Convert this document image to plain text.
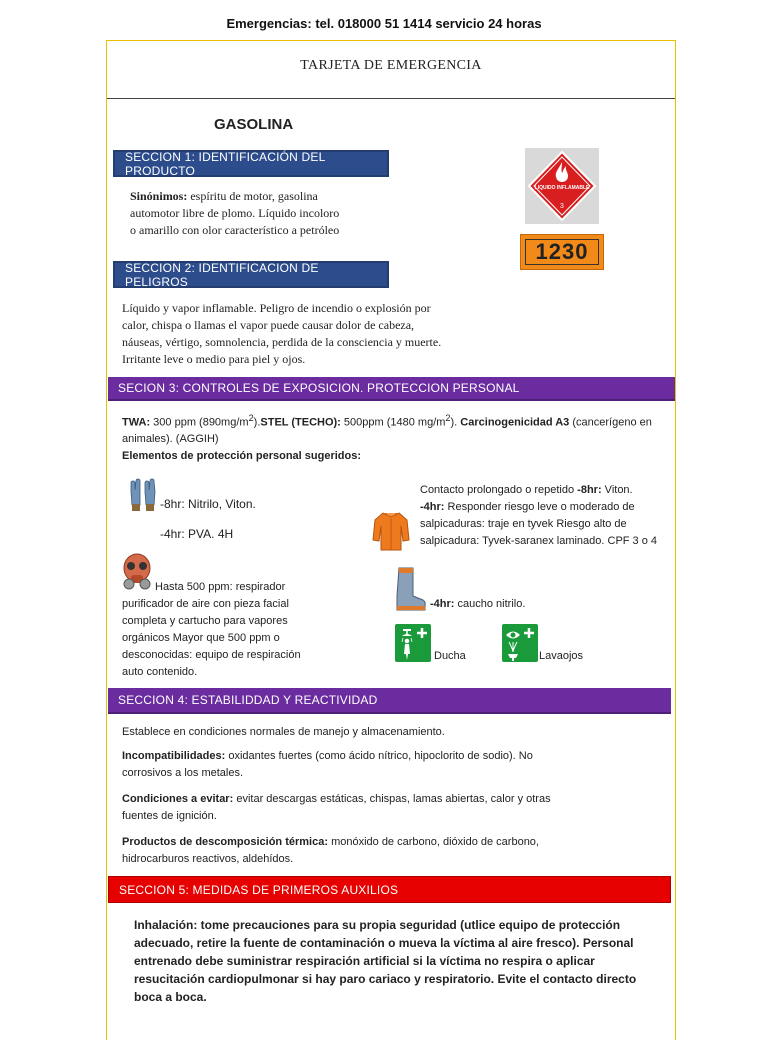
Emergencias: tel. 018000 51 1414 servicio 24 horas
TARJETA DE EMERGENCIA
GASOLINA
LIQUIDO INFLAMABLE
3
1230
SECCION 1: IDENTIFICACIÓN DEL PRODUCTO
Sinónimos: espíritu de motor, gasolina
automotor libre de plomo. Líquido incoloro
o amarillo con olor característico a petróleo
SECCION 2: IDENTIFICACION DE PELIGROS
Líquido y vapor inflamable. Peligro de incendio o explosión por
calor, chispa o llamas el vapor puede causar dolor de cabeza,
náuseas, vértigo, somnolencia, perdida de la consciencia y muerte.
Irritante leve o medio para piel y ojos.
SECION 3: CONTROLES DE EXPOSICION. PROTECCION PERSONAL
TWA: 300 ppm $(890mg/m^2).STEL$ (TECHO): 500ppm (1480 $mg/m^2$). Carcinogenicidad A3 (cancerígeno en
animales). (AGGIH)
Elementos de protección personal sugeridos:
-8hr: Nitrilo, Viton.
-4hr: PVA. 4H
Hasta 500 ppm: respirador
purificador de aire con pieza facial
completa y cartucho para vapores
orgánicos Mayor que 500 ppm o
desconocidas: equipo de respiración
auto contenido.
Contacto prolongado o repetido -8hr: Viton.
-4hr: Responder riesgo leve o moderado de
salpicaduras: traje en tyvek Riesgo alto de
salpicadura: Tyvek-saranex laminado. CPF 3 o 4
-4hr: caucho nitrilo.
Ducha	Lavaojos
SECCION 4: ESTABILIDDAD Y REACTIVIDAD
Establece en condiciones normales de manejo y almacenamiento.
Incompatibilidades: oxidantes fuertes (como ácido nítrico, hipoclorito de sodio). No
corrosivos a los metales.
Condiciones a evitar: evitar descargas estáticas, chispas, lamas abiertas, calor y otras
fuentes de ignición.
Productos de descomposición térmica: monóxido de carbono, dióxido de carbono,
hidrocarburos reactivos, aldehídos.
SECCION 5: MEDIDAS DE PRIMEROS AUXILIOS
Inhalación: tome precauciones para su propia seguridad (utlice equipo de protección
adecuado, retire la fuente de contaminación o mueva la víctima al aire fresco). Personal
entrenado debe suministrar respiración artificial si la víctima no respira o aplicar
resucitación cardiopulmonar si hay paro cariaco y respiratorio. Evite el contacto directo
boca a boca.
